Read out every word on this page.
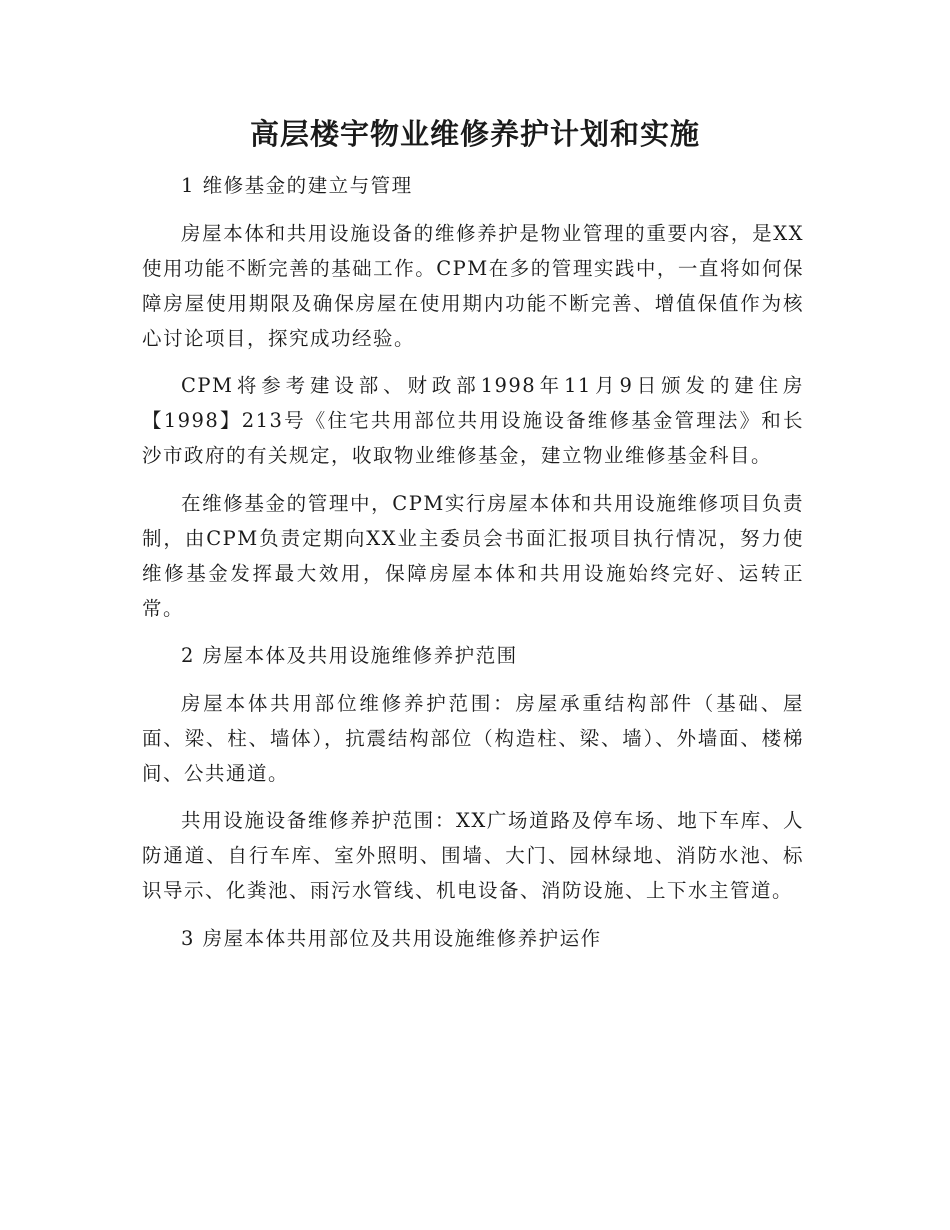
高层楼宇物业维修养护计划和实施

1 维修基金的建立与管理

房屋本体和共用设施设备的维修养护是物业管理的重要内容，是XX使用功能不断完善的基础工作。CPM在多的管理实践中，一直将如何保障房屋使用期限及确保房屋在使用期内功能不断完善、增值保值作为核心讨论项目，探究成功经验。

CPM将参考建设部、财政部1998年11月9日颁发的建住房【1998】213号《住宅共用部位共用设施设备维修基金管理法》和长沙市政府的有关规定，收取物业维修基金，建立物业维修基金科目。

在维修基金的管理中，CPM实行房屋本体和共用设施维修项目负责制，由CPM负责定期向XX业主委员会书面汇报项目执行情况，努力使维修基金发挥最大效用，保障房屋本体和共用设施始终完好、运转正常。

2 房屋本体及共用设施维修养护范围

房屋本体共用部位维修养护范围：房屋承重结构部件（基础、屋面、梁、柱、墙体），抗震结构部位（构造柱、梁、墙）、外墙面、楼梯间、公共通道。

共用设施设备维修养护范围：XX广场道路及停车场、地下车库、人防通道、自行车库、室外照明、围墙、大门、园林绿地、消防水池、标识导示、化粪池、雨污水管线、机电设备、消防设施、上下水主管道。

3 房屋本体共用部位及共用设施维修养护运作
